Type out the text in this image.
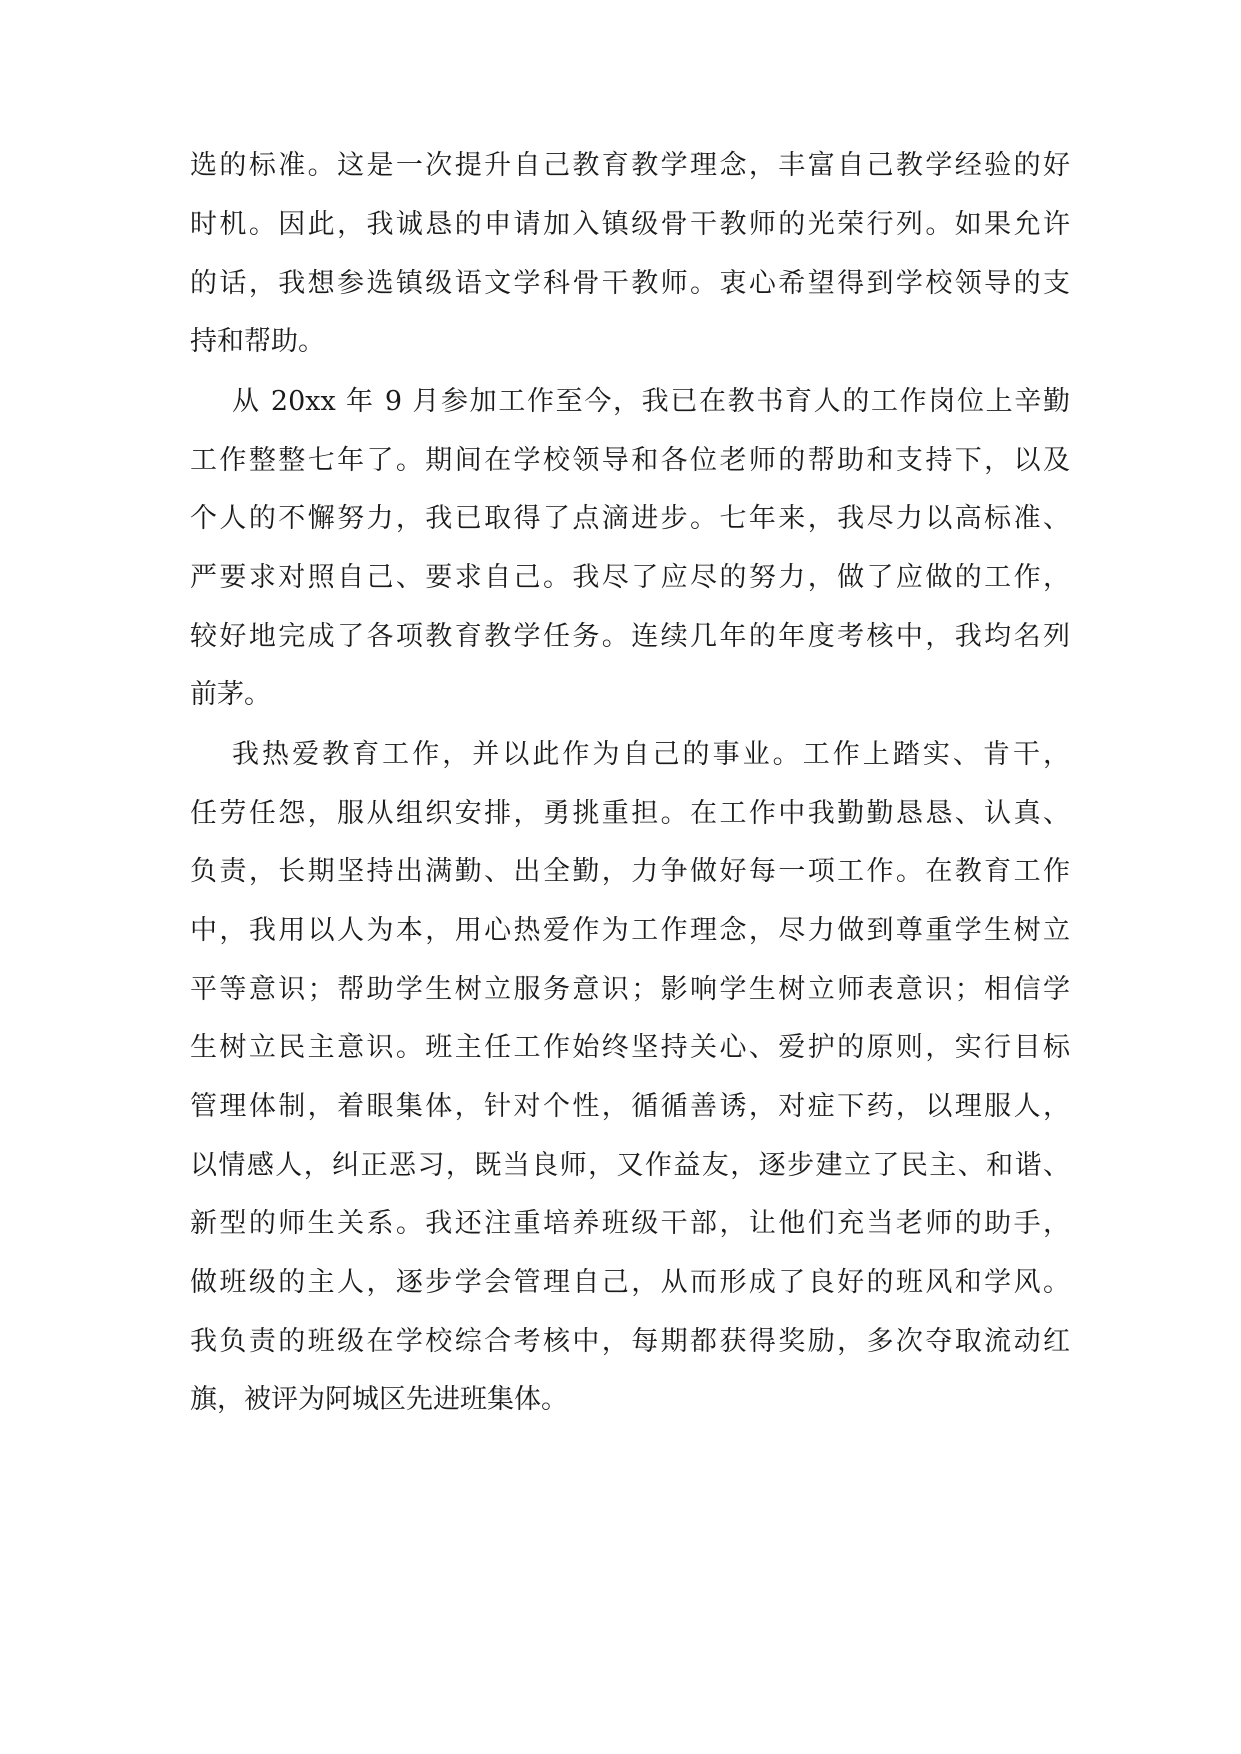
选的标准。这是一次提升自己教育教学理念，丰富自己教学经验的好
时机。因此，我诚恳的申请加入镇级骨干教师的光荣行列。如果允许
的话，我想参选镇级语文学科骨干教师。衷心希望得到学校领导的支
持和帮助。
从 20xx 年 9 月参加工作至今，我已在教书育人的工作岗位上辛勤
工作整整七年了。期间在学校领导和各位老师的帮助和支持下，以及
个人的不懈努力，我已取得了点滴进步。七年来，我尽力以高标准、
严要求对照自己、要求自己。我尽了应尽的努力，做了应做的工作，
较好地完成了各项教育教学任务。连续几年的年度考核中，我均名列
前茅。
我热爱教育工作，并以此作为自己的事业。工作上踏实、肯干，
任劳任怨，服从组织安排，勇挑重担。在工作中我勤勤恳恳、认真、
负责，长期坚持出满勤、出全勤，力争做好每一项工作。在教育工作
中，我用以人为本，用心热爱作为工作理念，尽力做到尊重学生树立
平等意识；帮助学生树立服务意识；影响学生树立师表意识；相信学
生树立民主意识。班主任工作始终坚持关心、爱护的原则，实行目标
管理体制，着眼集体，针对个性，循循善诱，对症下药，以理服人，
以情感人，纠正恶习，既当良师，又作益友，逐步建立了民主、和谐、
新型的师生关系。我还注重培养班级干部，让他们充当老师的助手，
做班级的主人，逐步学会管理自己，从而形成了良好的班风和学风。
我负责的班级在学校综合考核中，每期都获得奖励，多次夺取流动红
旗，被评为阿城区先进班集体。
